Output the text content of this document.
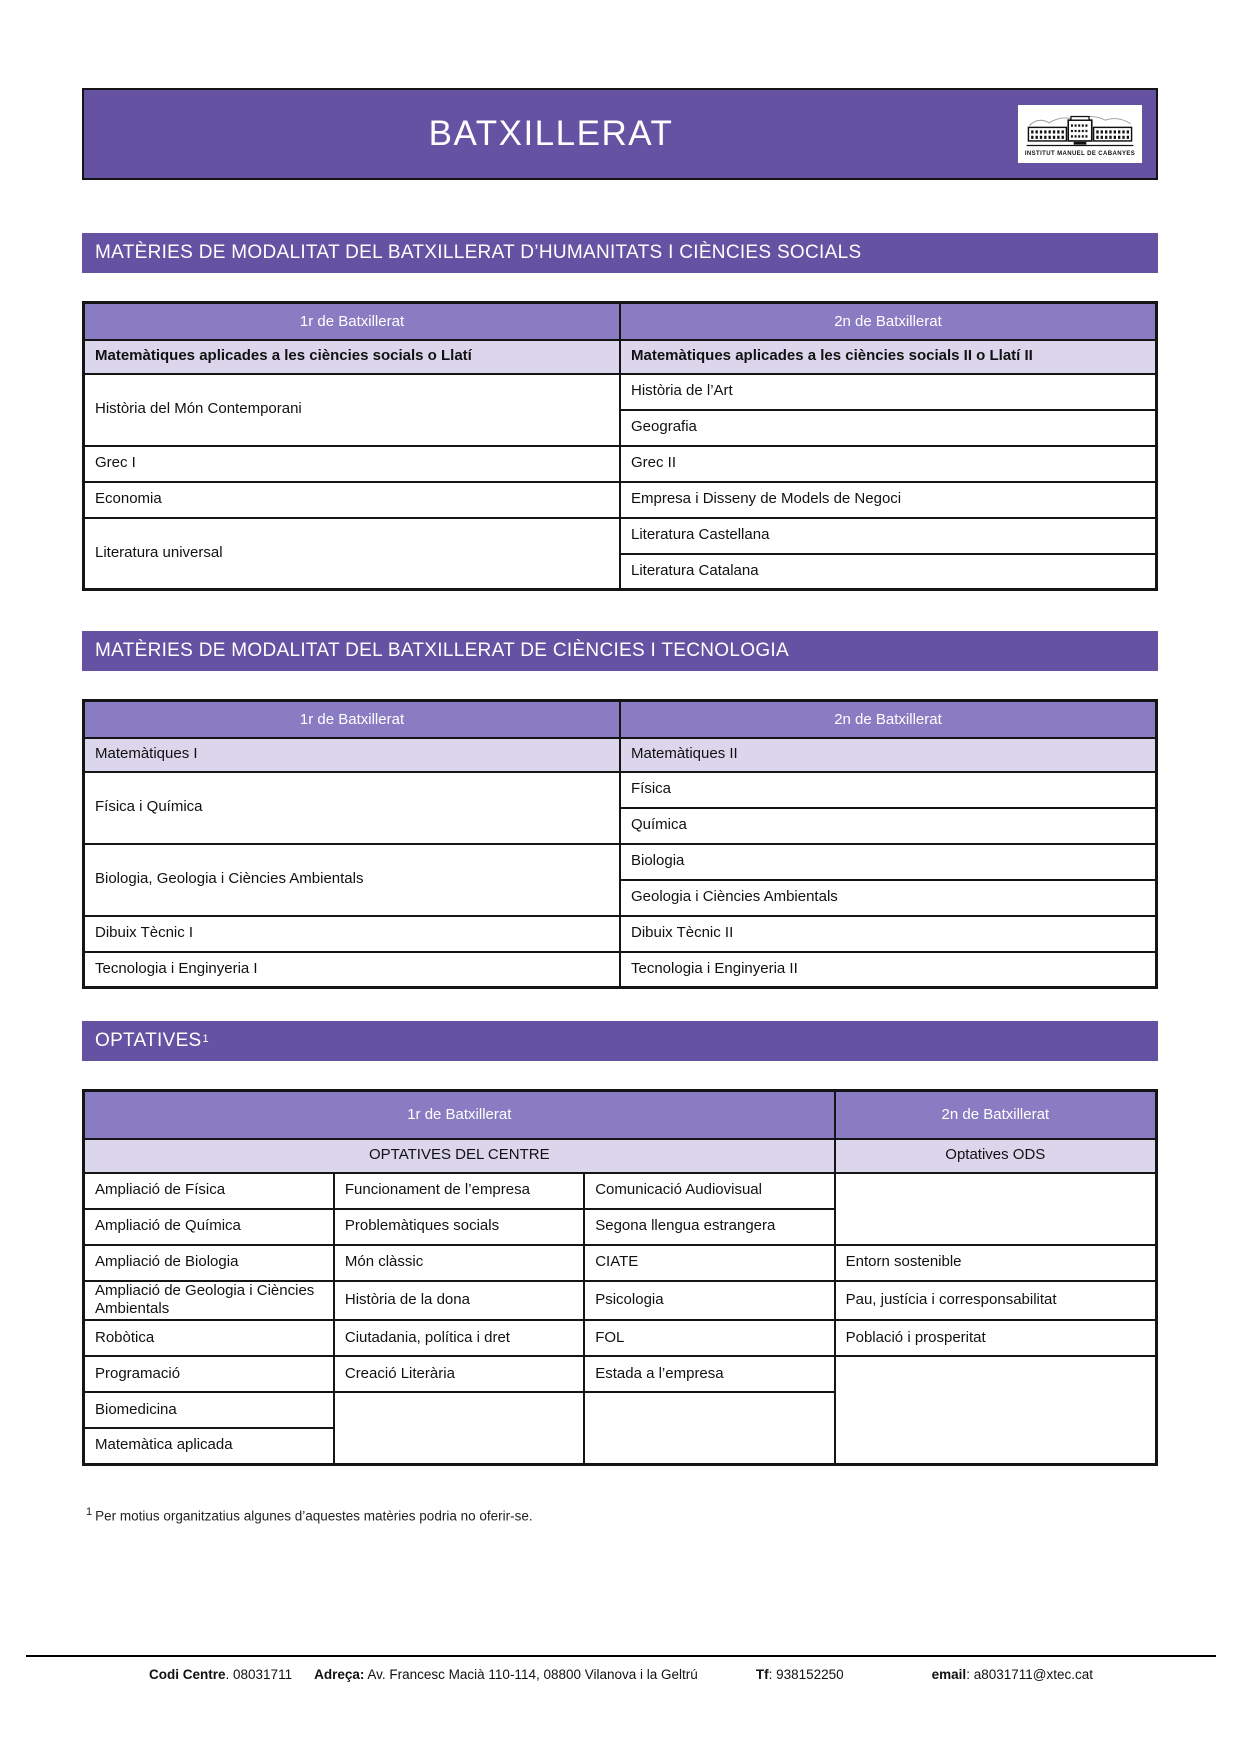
BATXILLERAT
INSTITUT MANUEL DE CABANYES
MATÈRIES DE MODALITAT DEL BATXILLERAT D’HUMANITATS I CIÈNCIES SOCIALS
1r de Batxillerat	2n de Batxillerat
Matemàtiques aplicades a les ciències socials o Llatí	Matemàtiques aplicades a les ciències socials II o Llatí II
Història del Món Contemporani	Història de l’Art
	Geografia
Grec I	Grec II
Economia	Empresa i Disseny de Models de Negoci
Literatura universal	Literatura Castellana
	Literatura Catalana
MATÈRIES DE MODALITAT DEL BATXILLERAT DE CIÈNCIES I TECNOLOGIA
1r de Batxillerat	2n de Batxillerat
Matemàtiques I	Matemàtiques II
Física i Química	Física
	Química
Biologia, Geologia i Ciències Ambientals	Biologia
	Geologia i Ciències Ambientals
Dibuix Tècnic I	Dibuix Tècnic II
Tecnologia i Enginyeria I	Tecnologia i Enginyeria II
OPTATIVES 1
1r de Batxillerat			2n de Batxillerat
OPTATIVES DEL CENTRE			Optatives ODS
Ampliació de Física	Funcionament de l’empresa	Comunicació Audiovisual	
Ampliació de Química	Problemàtiques socials	Segona llengua estrangera	
Ampliació de Biologia	Món clàssic	CIATE	Entorn sostenible
Ampliació de Geologia i Ciències Ambientals	Història de la dona	Psicologia	Pau, justícia i corresponsabilitat
Robòtica	Ciutadania, política i dret	FOL	Població i prosperitat
Programació	Creació Literària	Estada a l’empresa	
Biomedicina			
Matemàtica aplicada			
$^1$ Per motius organitzatius algunes d’aquestes matèries podria no oferir-se.
Codi Centre. 08031711 Adreça: Av. Francesc Macià 110-114, 08800 Vilanova i la Geltrú	Tf: 938152250	email: a8031711@xtec.cat
